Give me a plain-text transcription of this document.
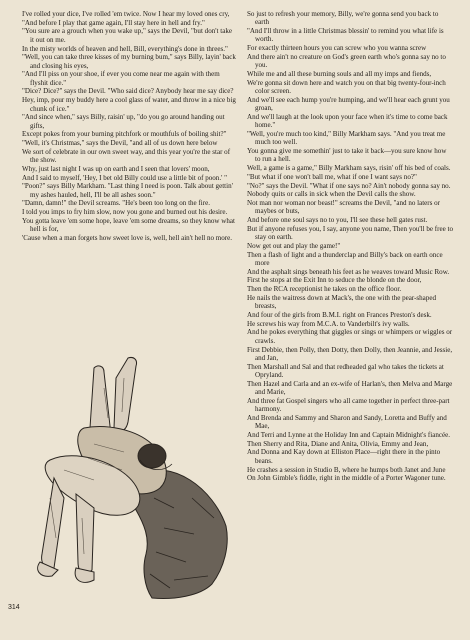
I've rolled your dice, I've rolled 'em twice. Now I hear my loved ones cry,

"And before I play that game again, I'll stay here in hell and fry."

"You sure are a grouch when you wake up," says the Devil, "but don't take it out on me.

In the misty worlds of heaven and hell, Bill, everything's done in threes."

"Well, you can take three kisses of my burning bum," says Billy, layin' back and closing his eyes,

"And I'll piss on your shoe, if ever you come near me again with them flyshit dice."

"Dice? Dice?" says the Devil. "Who said dice? Anybody hear me say dice?

Hey, imp, pour my buddy here a cool glass of water, and throw in a nice big chunk of ice."

"And since when," says Billy, raisin' up, "do you go around handing out gifts,

Except pokes from your burning pitchfork or mouthfuls of boiling shit?"

"Well, it's Christmas," says the Devil, "and all of us down here below

We sort of celebrate in our own sweet way, and this year you're the star of the show.

Why, just last night I was up on earth and I seen that lovers' moon,

And I said to myself, 'Hey, I bet old Billy could use a little bit of poon.' "

"Poon?" says Billy Markham. "Last thing I need is poon. Talk about gettin' my ashes hauled, hell, I'll be all ashes soon."

"Damn, damn!" the Devil screams. "He's been too long on the fire.

I told you imps to fry him slow, now you gone and burned out his desire.

You gotta leave 'em some hope, leave 'em some dreams, so they know what hell is for,

'Cause when a man forgets how sweet love is, well, hell ain't hell no more.

So just to refresh your memory, Billy, we're gonna send you back to earth

"And I'll throw in a little Christmas blessin' to remind you what life is worth.

For exactly thirteen hours you can screw who you wanna screw

And there ain't no creature on God's green earth who's gonna say no to you.

While me and all these burning souls and all my imps and fiends,

We're gonna sit down here and watch you on that big twenty-four-inch color screen.

And we'll see each hump you're humping, and we'll hear each grunt you groan,

And we'll laugh at the look upon your face when it's time to come back home."

"Well, you're much too kind," Billy Markham says. "And you treat me much too well.

You gonna give me somethin' just to take it back—you sure know how to run a hell.

Well, a game is a game," Billy Markham says, risin' off his bed of coals.

"But what if one won't ball me, what if one I want says no?"

"No?" says the Devil. "What if one says no? Ain't nobody gonna say no.

Nobody quits or calls in sick when the Devil calls the show.

Not man nor woman nor beast!" screams the Devil, "and no laters or maybes or buts,

And before one soul says no to you, I'll see these hell gates rust.

But if anyone refuses you, I say, anyone you name, Then you'll be free to stay on earth.

Now get out and play the game!"

Then a flash of light and a thunderclap and Billy's back on earth once more

And the asphalt sings beneath his feet as he weaves toward Music Row.

First he stops at the Exit Inn to seduce the blonde on the door,

Then the RCA receptionist he takes on the office floor.

He nails the waitress down at Mack's, the one with the pear-shaped breasts,

And four of the girls from B.M.I. right on Frances Preston's desk.

He screws his way from M.C.A. to Vanderbilt's ivy walls.

And he pokes everything that giggles or sings or whimpers or wiggles or crawls.

First Debbie, then Polly, then Dotty, then Dolly, then Jeannie, and Jessie, and Jan,

Then Marshall and Sal and that redheaded gal who takes the tickets at Opryland.

Then Hazel and Carla and an ex-wife of Harlan's, then Melva and Marge and Marie,

And three fat Gospel singers who all came together in perfect three-part harmony.

And Brenda and Sammy and Sharon and Sandy, Loretta and Buffy and Mae,

And Terri and Lynne at the Holiday Inn and Captain Midnight's fiancée.

Then Sherry and Rita, Diane and Anita, Olivia, Emmy and Jean,

And Donna and Kay down at Elliston Place—right there in the pinto beans.

He crashes a session in Studio B, where he humps both Janet and June

On John Gimble's fiddle, right in the middle of a Porter Wagoner tune.

314
